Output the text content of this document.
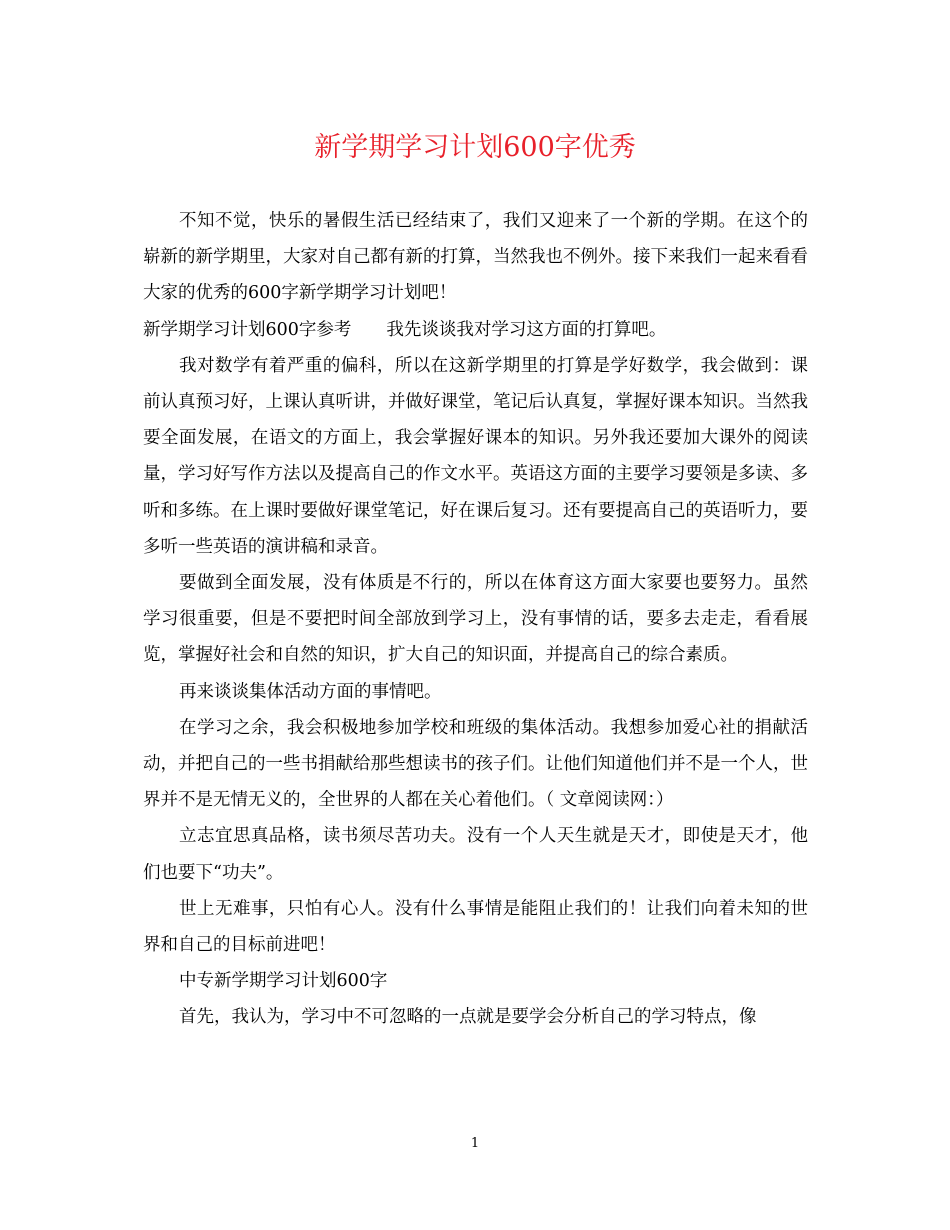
新学期学习计划600字优秀

不知不觉，快乐的暑假生活已经结束了，我们又迎来了一个新的学期。在这个的崭新的新学期里，大家对自己都有新的打算，当然我也不例外。接下来我们一起来看看大家的优秀的600字新学期学习计划吧！

新学期学习计划600字参考　　我先谈谈我对学习这方面的打算吧。

我对数学有着严重的偏科，所以在这新学期里的打算是学好数学，我会做到：课前认真预习好，上课认真听讲，并做好课堂，笔记后认真复，掌握好课本知识。当然我要全面发展，在语文的方面上，我会掌握好课本的知识。另外我还要加大课外的阅读量，学习好写作方法以及提高自己的作文水平。英语这方面的主要学习要领是多读、多听和多练。在上课时要做好课堂笔记，好在课后复习。还有要提高自己的英语听力，要多听一些英语的演讲稿和录音。

要做到全面发展，没有体质是不行的，所以在体育这方面大家要也要努力。虽然学习很重要，但是不要把时间全部放到学习上，没有事情的话，要多去走走，看看展览，掌握好社会和自然的知识，扩大自己的知识面，并提高自己的综合素质。

再来谈谈集体活动方面的事情吧。

在学习之余，我会积极地参加学校和班级的集体活动。我想参加爱心社的捐献活动，并把自己的一些书捐献给那些想读书的孩子们。让他们知道他们并不是一个人，世界并不是无情无义的，全世界的人都在关心着他们。（ 文章阅读网：）

立志宜思真品格，读书须尽苦功夫。没有一个人天生就是天才，即使是天才，他们也要下“功夫”。

世上无难事，只怕有心人。没有什么事情是能阻止我们的！让我们向着未知的世界和自己的目标前进吧！

中专新学期学习计划600字

首先，我认为，学习中不可忽略的一点就是要学会分析自己的学习特点，像

1
